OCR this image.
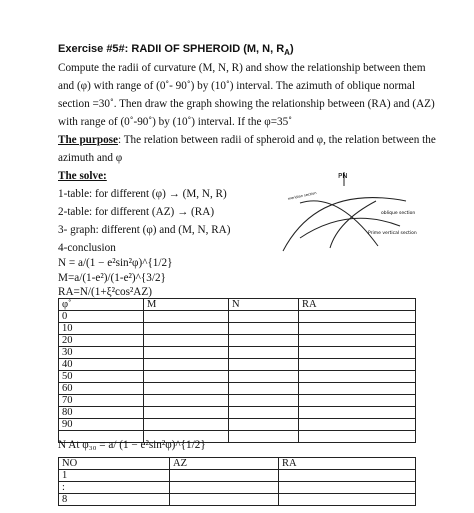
Exercise #5#: RADII OF SPHEROID (M, N, $R_A$)
Compute the radii of curvature (M, N, R) and show the relationship between them
and (φ) with range of (0˚- 90˚) by (10˚) interval. The azimuth of oblique normal
section =30˚. Then draw the graph showing the relationship between (RA) and (AZ)
with range of (0˚-90˚) by (10˚) interval. If the φ=35˚
The purpose: The relation between radii of spheroid and φ, the relation between the
azimuth and φ
The solve:
1-table: for different (φ) → (M, N, R)
2-table: for different (AZ) → (RA)
3- graph: different (φ) and (M, N, RA)
4-conclusion
N = a/(1 − e²sin²φ)^{1/2}
M=a/(1-e²)/(1-e²)^{3/2}
RA=N/(1+ξ²cos²AZ)
PN
meridian section
oblique section
Prime vertical section
φ˚	M	N	RA
0			
10			
20			
30			
40			
50			
60			
70			
80			
90			

N At φ₃₀ = a/ (1 − e²sin²φ)^{1/2}
NO	AZ	RA
1		
:		
8		
